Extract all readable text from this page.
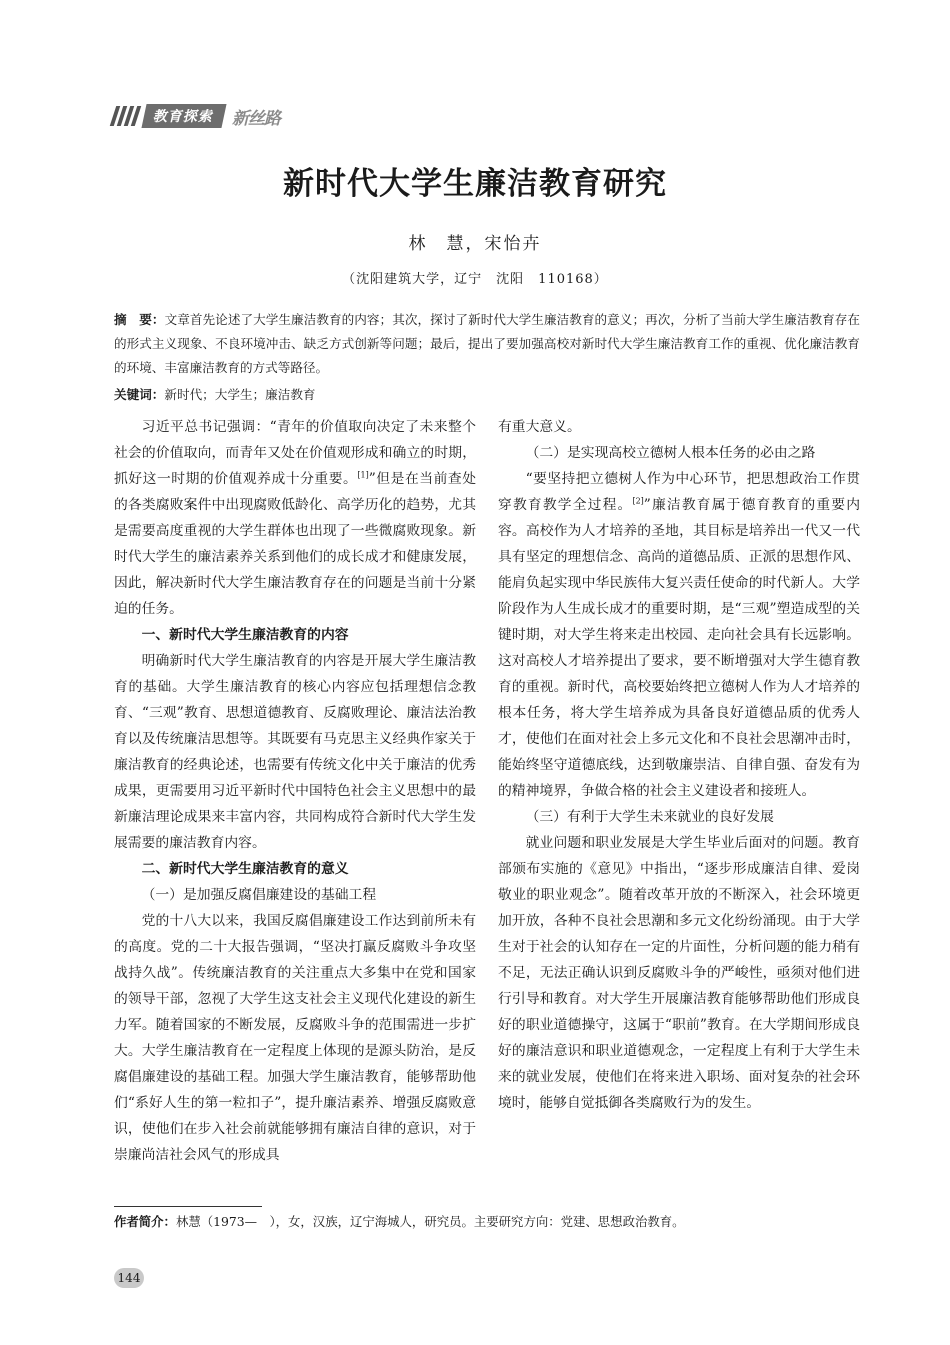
教育探索 新丝路
新时代大学生廉洁教育研究
林　慧，宋怡卉
（沈阳建筑大学，辽宁　沈阳　110168）
摘　要：文章首先论述了大学生廉洁教育的内容；其次，探讨了新时代大学生廉洁教育的意义；再次，分析了当前大学生廉洁教育存在的形式主义现象、不良环境冲击、缺乏方式创新等问题；最后，提出了要加强高校对新时代大学生廉洁教育工作的重视、优化廉洁教育的环境、丰富廉洁教育的方式等路径。
关键词：新时代；大学生；廉洁教育

习近平总书记强调：“青年的价值取向决定了未来整个社会的价值取向，而青年又处在价值观形成和确立的时期，抓好这一时期的价值观养成十分重要。[1]”但是在当前查处的各类腐败案件中出现腐败低龄化、高学历化的趋势，尤其是需要高度重视的大学生群体也出现了一些微腐败现象。新时代大学生的廉洁素养关系到他们的成长成才和健康发展，因此，解决新时代大学生廉洁教育存在的问题是当前十分紧迫的任务。

一、新时代大学生廉洁教育的内容

明确新时代大学生廉洁教育的内容是开展大学生廉洁教育的基础。大学生廉洁教育的核心内容应包括理想信念教育、“三观”教育、思想道德教育、反腐败理论、廉洁法治教育以及传统廉洁思想等。其既要有马克思主义经典作家关于廉洁教育的经典论述，也需要有传统文化中关于廉洁的优秀成果，更需要用习近平新时代中国特色社会主义思想中的最新廉洁理论成果来丰富内容，共同构成符合新时代大学生发展需要的廉洁教育内容。

二、新时代大学生廉洁教育的意义
（一）是加强反腐倡廉建设的基础工程

党的十八大以来，我国反腐倡廉建设工作达到前所未有的高度。党的二十大报告强调，“坚决打赢反腐败斗争攻坚战持久战”。传统廉洁教育的关注重点大多集中在党和国家的领导干部，忽视了大学生这支社会主义现代化建设的新生力军。随着国家的不断发展，反腐败斗争的范围需进一步扩大。大学生廉洁教育在一定程度上体现的是源头防治，是反腐倡廉建设的基础工程。加强大学生廉洁教育，能够帮助他们“系好人生的第一粒扣子”，提升廉洁素养、增强反腐败意识，使他们在步入社会前就能够拥有廉洁自律的意识，对于崇廉尚洁社会风气的形成具

有重大意义。

（二）是实现高校立德树人根本任务的必由之路

“要坚持把立德树人作为中心环节，把思想政治工作贯穿教育教学全过程。[2]”廉洁教育属于德育教育的重要内容。高校作为人才培养的圣地，其目标是培养出一代又一代具有坚定的理想信念、高尚的道德品质、正派的思想作风、能肩负起实现中华民族伟大复兴责任使命的时代新人。大学阶段作为人生成长成才的重要时期，是“三观”塑造成型的关键时期，对大学生将来走出校园、走向社会具有长远影响。这对高校人才培养提出了要求，要不断增强对大学生德育教育的重视。新时代，高校要始终把立德树人作为人才培养的根本任务，将大学生培养成为具备良好道德品质的优秀人才，使他们在面对社会上多元文化和不良社会思潮冲击时，能始终坚守道德底线，达到敬廉崇洁、自律自强、奋发有为的精神境界，争做合格的社会主义建设者和接班人。

（三）有利于大学生未来就业的良好发展

就业问题和职业发展是大学生毕业后面对的问题。教育部颁布实施的《意见》中指出，“逐步形成廉洁自律、爱岗敬业的职业观念”。随着改革开放的不断深入，社会环境更加开放，各种不良社会思潮和多元文化纷纷涌现。由于大学生对于社会的认知存在一定的片面性，分析问题的能力稍有不足，无法正确认识到反腐败斗争的严峻性，亟须对他们进行引导和教育。对大学生开展廉洁教育能够帮助他们形成良好的职业道德操守，这属于“职前”教育。在大学期间形成良好的廉洁意识和职业道德观念，一定程度上有利于大学生未来的就业发展，使他们在将来进入职场、面对复杂的社会环境时，能够自觉抵御各类腐败行为的发生。

作者简介：林慧（1973—　），女，汉族，辽宁海城人，研究员。主要研究方向：党建、思想政治教育。
144
